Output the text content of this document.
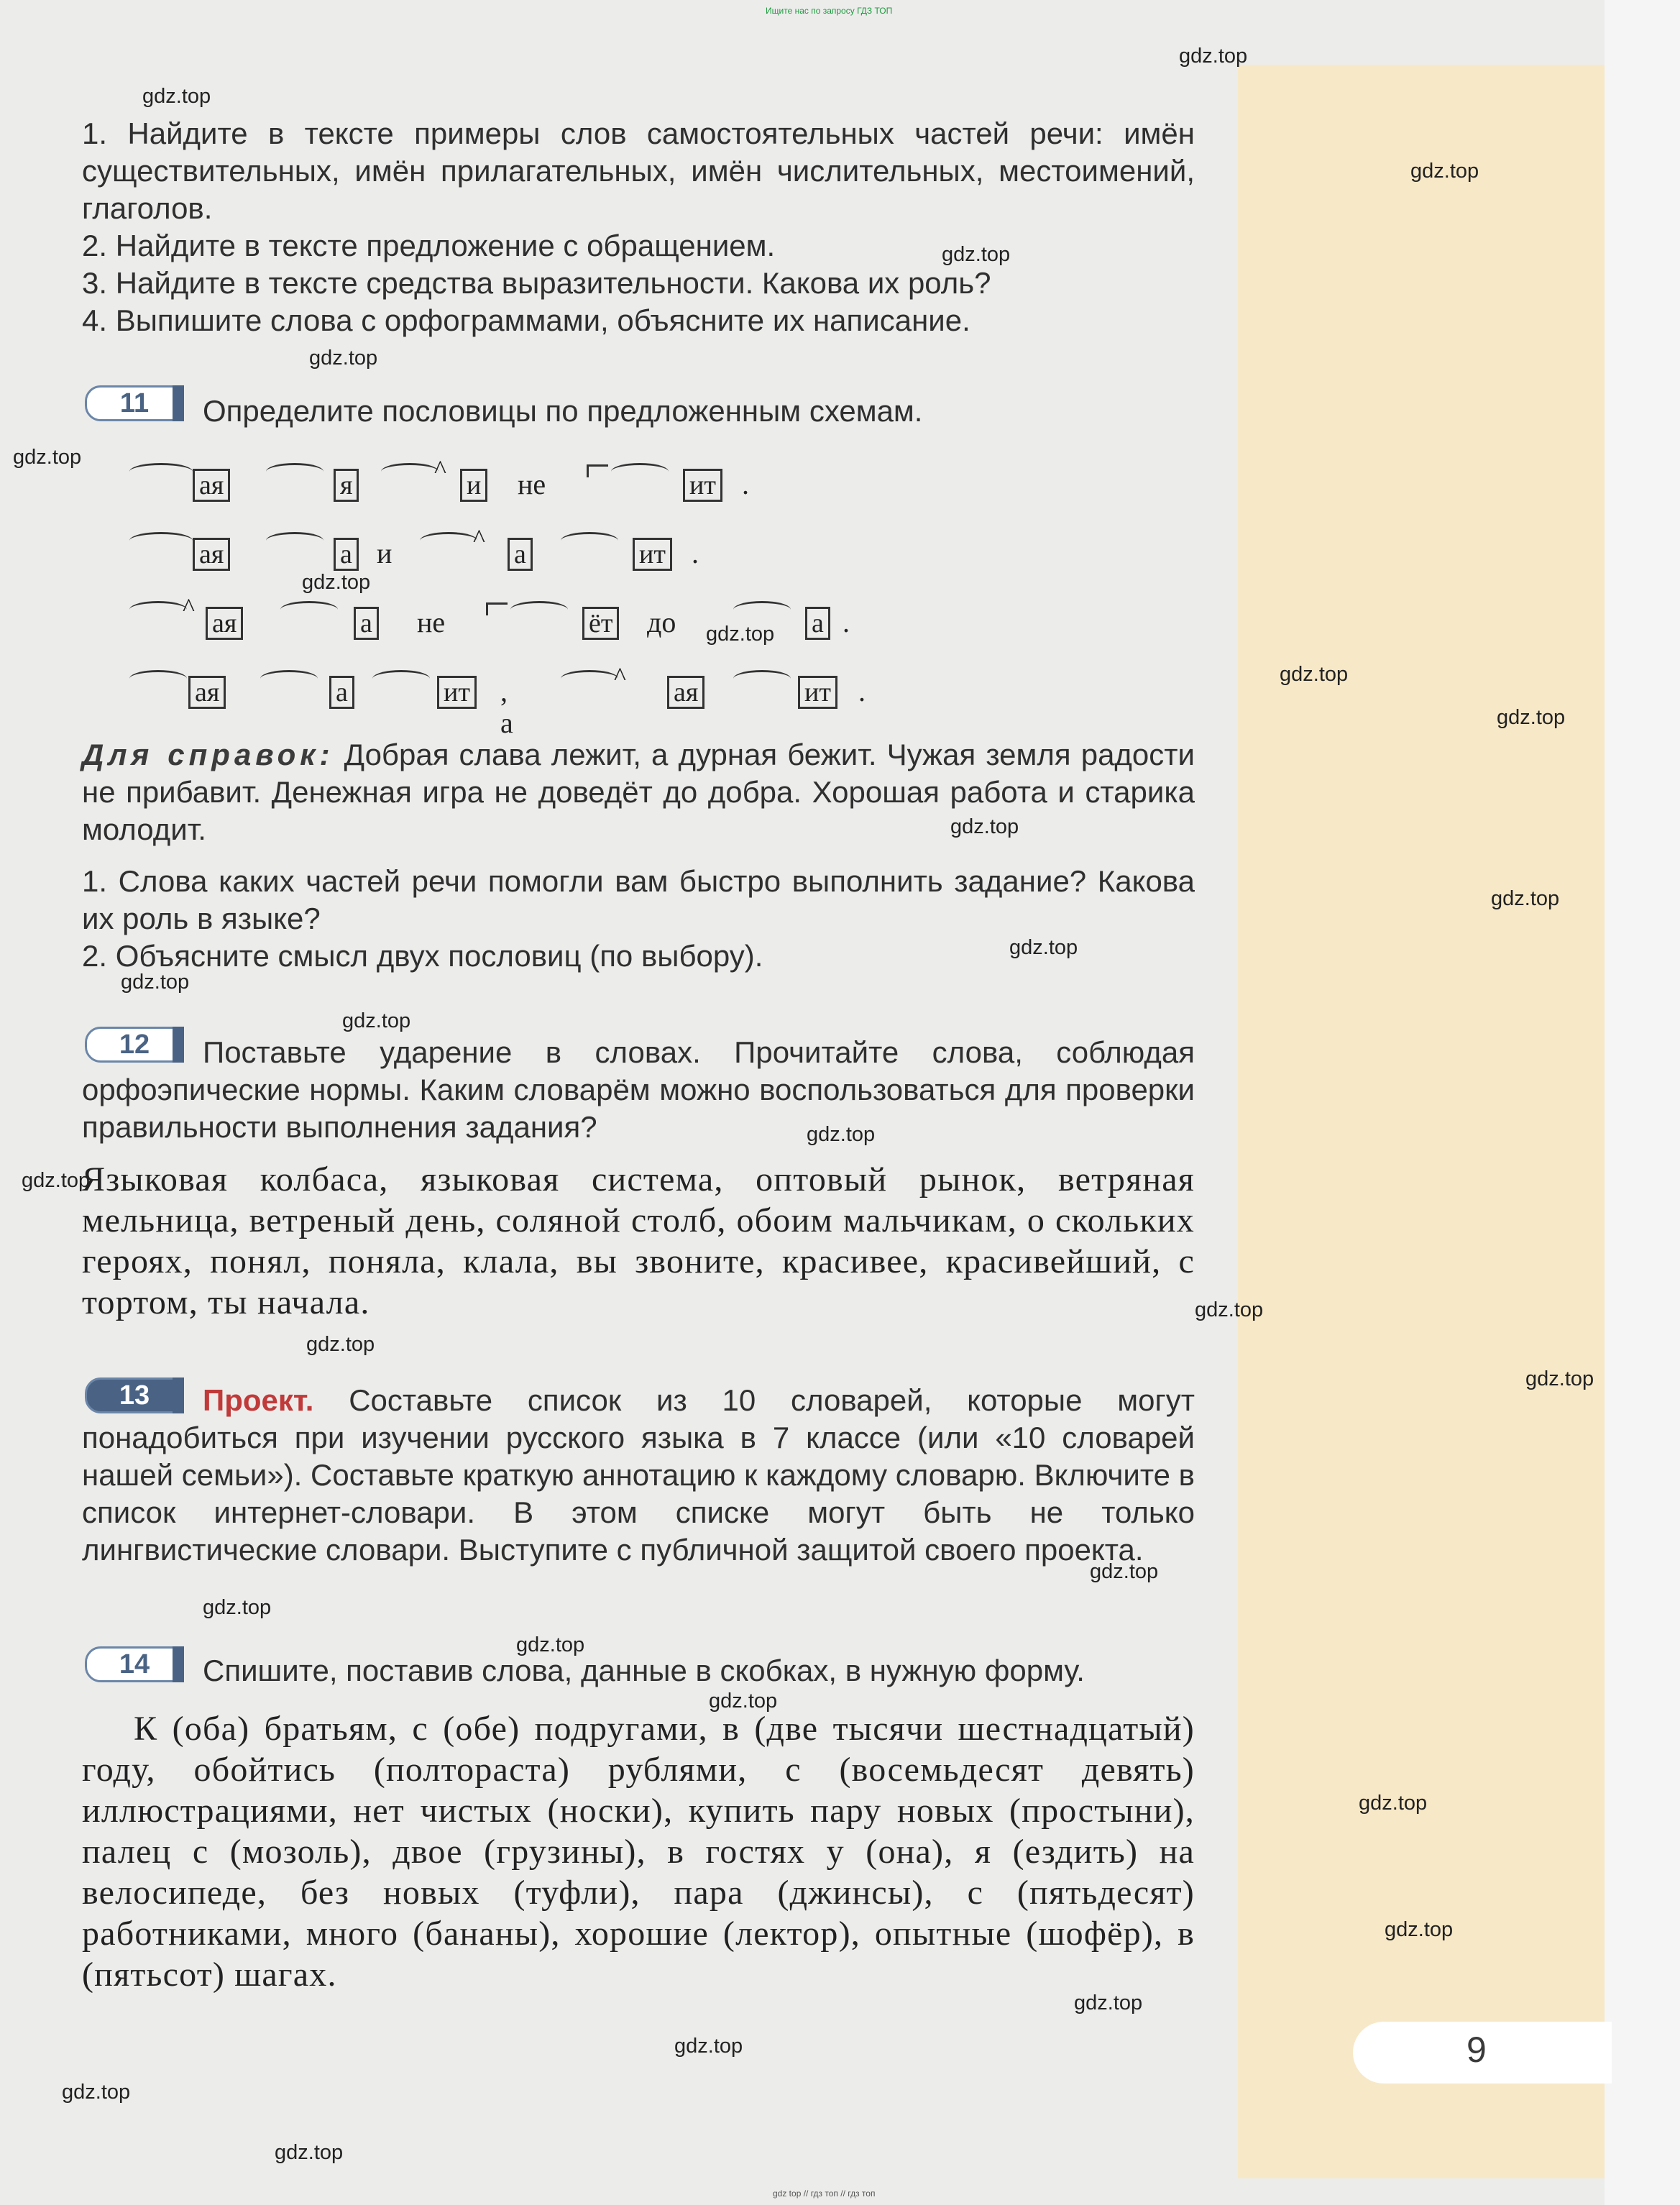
9
Ищите нас по запросу ГДЗ ТОП
gdz top // гдз топ // гдз топ
1. Найдите в тексте примеры слов самостоятельных частей речи: имён существительных, имён прилагательных, имён числительных, местоимений, глаголов.
2. Найдите в тексте предложение с обращением.
3. Найдите в тексте средства выразительности. Какова их роль?
4. Выпишите слова с орфограммами, объясните их написание.
11	Определите пословицы по предложенным схемам.
ая	я
^
и не	ит .
ая	а и	^
а	ит .
^
ая	а не	ёт до	а .
ая	а	ит , а
^
ая	ит .
Для справок: Добрая слава лежит, а дурная бежит. Чужая земля радости не прибавит. Денежная игра не доведёт до добра. Хорошая работа и старика молодит.
1. Слова каких частей речи помогли вам быстро выполнить задание? Какова их роль в языке?
2. Объясните смысл двух пословиц (по выбору).
12	Поставьте ударение в словах. Прочитайте слова, соблюдая орфоэпические нормы. Каким словарём можно воспользоваться для проверки правильности выполнения задания?
Языковая колбаса, языковая система, оптовый рынок, ветряная мельница, ветреный день, соляной столб, обоим мальчикам, о скольких героях, понял, поняла, клала, вы звоните, красивее, красивейший, с тортом, ты начала.
13	Проект. Составьте список из 10 словарей, которые могут понадобиться при изучении русского языка в 7 классе (или «10 словарей нашей семьи»). Составьте краткую аннотацию к каждому словарю. Включите в список интернет-словари. В этом списке могут быть не только лингвистические словари. Выступите с публичной защитой своего проекта.
14	Спишите, поставив слова, данные в скобках, в нужную форму.
К (оба) братьям, с (обе) подругами, в (две тысячи шестнадцатый) году, обойтись (полтораста) рублями, с (восемьдесят девять) иллюстрациями, нет чистых (носки), купить пару новых (простыни), палец с (мозоль), двое (грузины), в гостях у (она), я (ездить) на велосипеде, без новых (туфли), пара (джинсы), с (пятьдесят) работниками, много (бананы), хорошие (лектор), опытные (шофёр), в (пятьсот) шагах.
gdz.top
gdz.top
gdz.top
gdz.top
gdz.top
gdz.top
gdz.top
gdz.top
gdz.top
gdz.top
gdz.top
gdz.top
gdz.top
gdz.top
gdz.top
gdz.top
gdz.top
gdz.top
gdz.top
gdz.top
gdz.top
gdz.top
gdz.top
gdz.top
gdz.top
gdz.top
gdz.top
gdz.top
gdz.top
gdz.top
